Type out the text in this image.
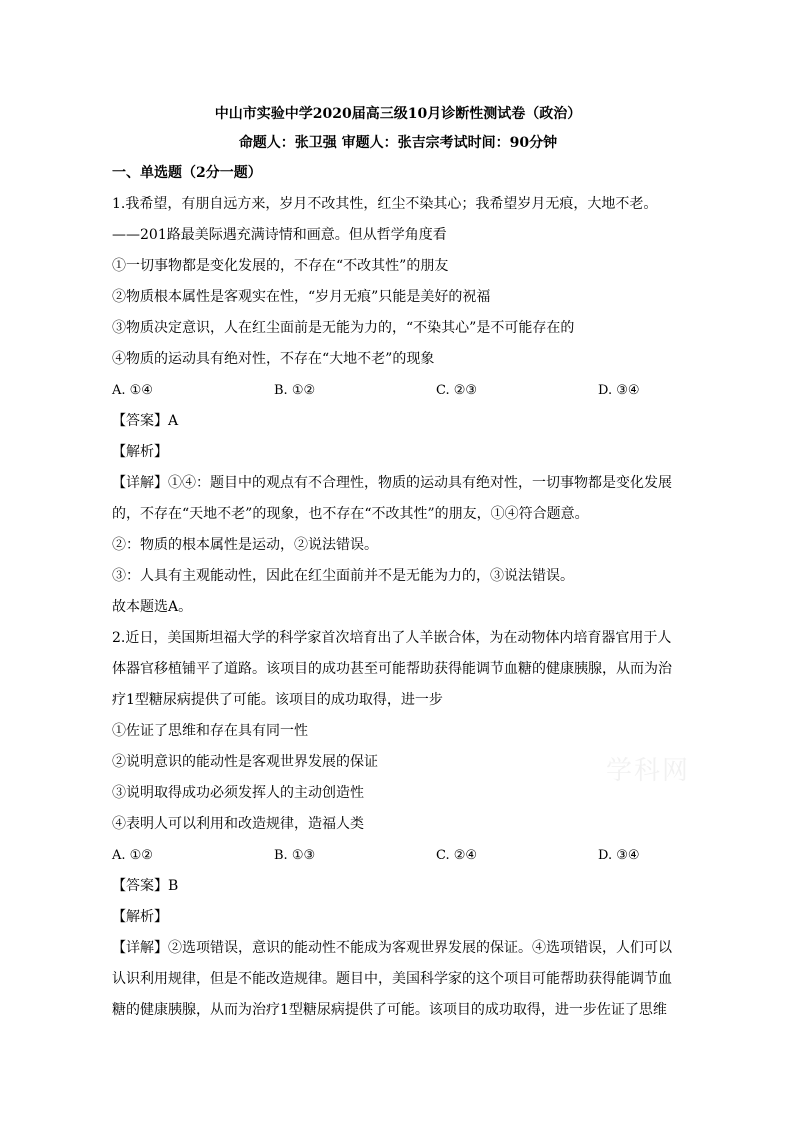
学科网
中山市实验中学2020届高三级10月诊断性测试卷（政治）
命题人：张卫强 审题人：张吉宗考试时间：90分钟
一、单选题（2分一题）
1.我希望，有朋自远方来，岁月不改其性，红尘不染其心；我希望岁月无痕，大地不老。
——201路最美际遇充满诗情和画意。但从哲学角度看
①一切事物都是变化发展的，不存在“不改其性”的朋友
②物质根本属性是客观实在性，“岁月无痕”只能是美好的祝福
③物质决定意识，人在红尘面前是无能为力的，“不染其心”是不可能存在的
④物质的运动具有绝对性，不存在“大地不老”的现象
A. ①④	B. ①②	C. ②③	D. ③④
【答案】A
【解析】
【详解】①④：题目中的观点有不合理性，物质的运动具有绝对性，一切事物都是变化发展
的，不存在“天地不老”的现象，也不存在“不改其性”的朋友，①④符合题意。
②：物质的根本属性是运动，②说法错误。
③：人具有主观能动性，因此在红尘面前并不是无能为力的，③说法错误。
故本题选A。
2.近日，美国斯坦福大学的科学家首次培育出了人羊嵌合体，为在动物体内培育器官用于人
体器官移植铺平了道路。该项目的成功甚至可能帮助获得能调节血糖的健康胰腺，从而为治
疗1型糖尿病提供了可能。该项目的成功取得，进一步
①佐证了思维和存在具有同一性
②说明意识的能动性是客观世界发展的保证
③说明取得成功必须发挥人的主动创造性
④表明人可以利用和改造规律，造福人类
A. ①②	B. ①③	C. ②④	D. ③④
【答案】B
【解析】
【详解】②选项错误，意识的能动性不能成为客观世界发展的保证。④选项错误，人们可以
认识利用规律，但是不能改造规律。题目中，美国科学家的这个项目可能帮助获得能调节血
糖的健康胰腺，从而为治疗1型糖尿病提供了可能。该项目的成功取得，进一步佐证了思维
